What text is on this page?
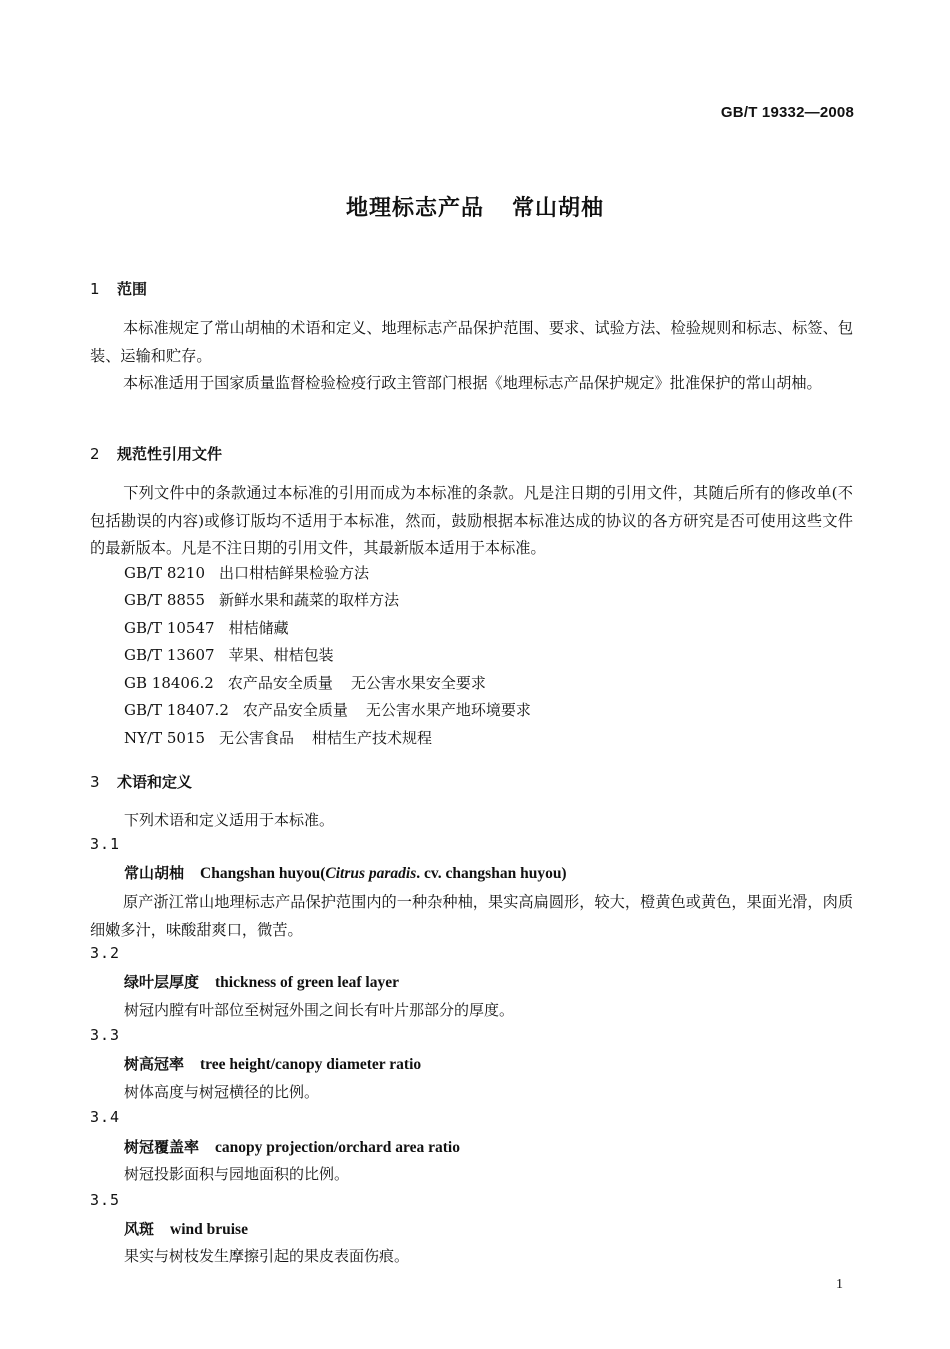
GB/T 19332—2008
地理标志产品 常山胡柚
1 范围
本标准规定了常山胡柚的术语和定义、地理标志产品保护范围、要求、试验方法、检验规则和标志、标签、包装、运输和贮存。
本标准适用于国家质量监督检验检疫行政主管部门根据《地理标志产品保护规定》批准保护的常山胡柚。
2 规范性引用文件
下列文件中的条款通过本标准的引用而成为本标准的条款。凡是注日期的引用文件，其随后所有的修改单(不包括勘误的内容)或修订版均不适用于本标准，然而，鼓励根据本标准达成的协议的各方研究是否可使用这些文件的最新版本。凡是不注日期的引用文件，其最新版本适用于本标准。
GB/T 8210 出口柑桔鲜果检验方法
GB/T 8855 新鲜水果和蔬菜的取样方法
GB/T 10547 柑桔储藏
GB/T 13607 苹果、柑桔包装
GB 18406.2 农产品安全质量 无公害水果安全要求
GB/T 18407.2 农产品安全质量 无公害水果产地环境要求
NY/T 5015 无公害食品 柑桔生产技术规程
3 术语和定义
下列术语和定义适用于本标准。
3.1
常山胡柚 Changshan huyou(Citrus paradis. cv. changshan huyou)
原产浙江常山地理标志产品保护范围内的一种杂种柚，果实高扁圆形，较大，橙黄色或黄色，果面光滑，肉质细嫩多汁，味酸甜爽口，微苦。
3.2
绿叶层厚度 thickness of green leaf layer
树冠内膛有叶部位至树冠外围之间长有叶片那部分的厚度。
3.3
树高冠率 tree height/canopy diameter ratio
树体高度与树冠横径的比例。
3.4
树冠覆盖率 canopy projection/orchard area ratio
树冠投影面积与园地面积的比例。
3.5
风斑 wind bruise
果实与树枝发生摩擦引起的果皮表面伤痕。
1
